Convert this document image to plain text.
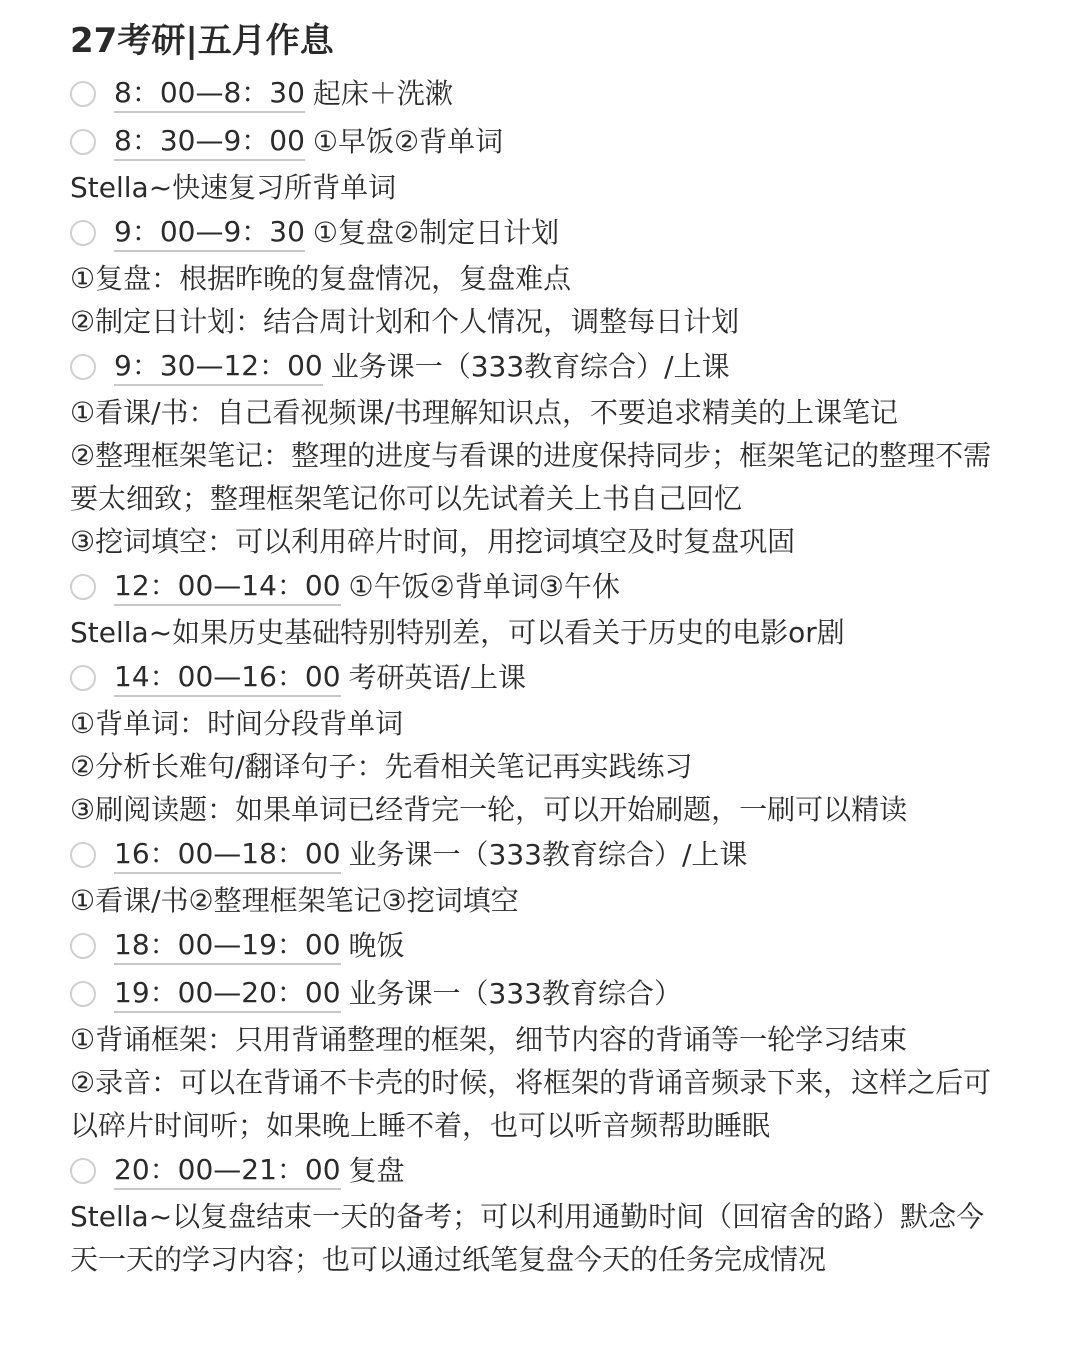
27考研|五月作息
8：00—8：30 起床＋洗漱
8：30—9：00 ①早饭②背单词

Stella~快速复习所背单词

9：00—9：30 ①复盘②制定日计划

①复盘：根据昨晚的复盘情况，复盘难点

②制定日计划：结合周计划和个人情况，调整每日计划

9：30—12：00 业务课一（333教育综合）/上课

①看课/书：自己看视频课/书理解知识点，不要追求精美的上课笔记

②整理框架笔记：整理的进度与看课的进度保持同步；框架笔记的整理不需要太细致；整理框架笔记你可以先试着关上书自己回忆

③挖词填空：可以利用碎片时间，用挖词填空及时复盘巩固

12：00—14：00 ①午饭②背单词③午休

Stella~如果历史基础特别特别差，可以看关于历史的电影or剧

14：00—16：00 考研英语/上课

①背单词：时间分段背单词

②分析长难句/翻译句子：先看相关笔记再实践练习

③刷阅读题：如果单词已经背完一轮，可以开始刷题，一刷可以精读

16：00—18：00 业务课一（333教育综合）/上课

①看课/书②整理框架笔记③挖词填空

18：00—19：00 晚饭
19：00—20：00 业务课一（333教育综合）

①背诵框架：只用背诵整理的框架，细节内容的背诵等一轮学习结束

②录音：可以在背诵不卡壳的时候，将框架的背诵音频录下来，这样之后可以碎片时间听；如果晚上睡不着，也可以听音频帮助睡眠

20：00—21：00 复盘

Stella~以复盘结束一天的备考；可以利用通勤时间（回宿舍的路）默念今天一天的学习内容；也可以通过纸笔复盘今天的任务完成情况
